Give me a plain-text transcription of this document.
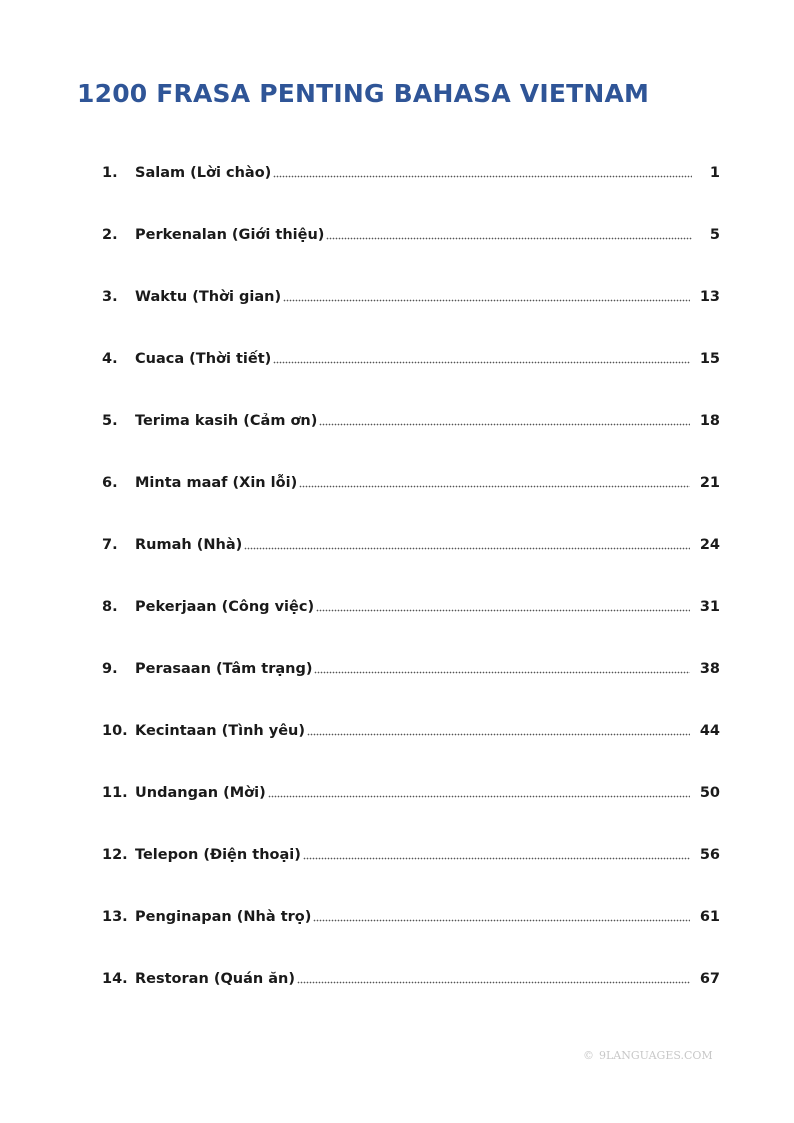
1200 FRASA PENTING BAHASA VIETNAM
1.	Salam (Lời chào)	1
2.	Perkenalan (Giới thiệu)	5
3.	Waktu (Thời gian)	13
4.	Cuaca (Thời tiết)	15
5.	Terima kasih (Cảm ơn)	18
6.	Minta maaf (Xin lỗi)	21
7.	Rumah (Nhà)	24
8.	Pekerjaan (Công việc)	31
9.	Perasaan (Tâm trạng)	38
10. Kecintaan (Tình yêu)	44
11. Undangan (Mời)	50
12. Telepon (Điện thoại)	56
13. Penginapan (Nhà trọ)	61
14. Restoran (Quán ăn)	67
© 9LANGUAGES.COM
